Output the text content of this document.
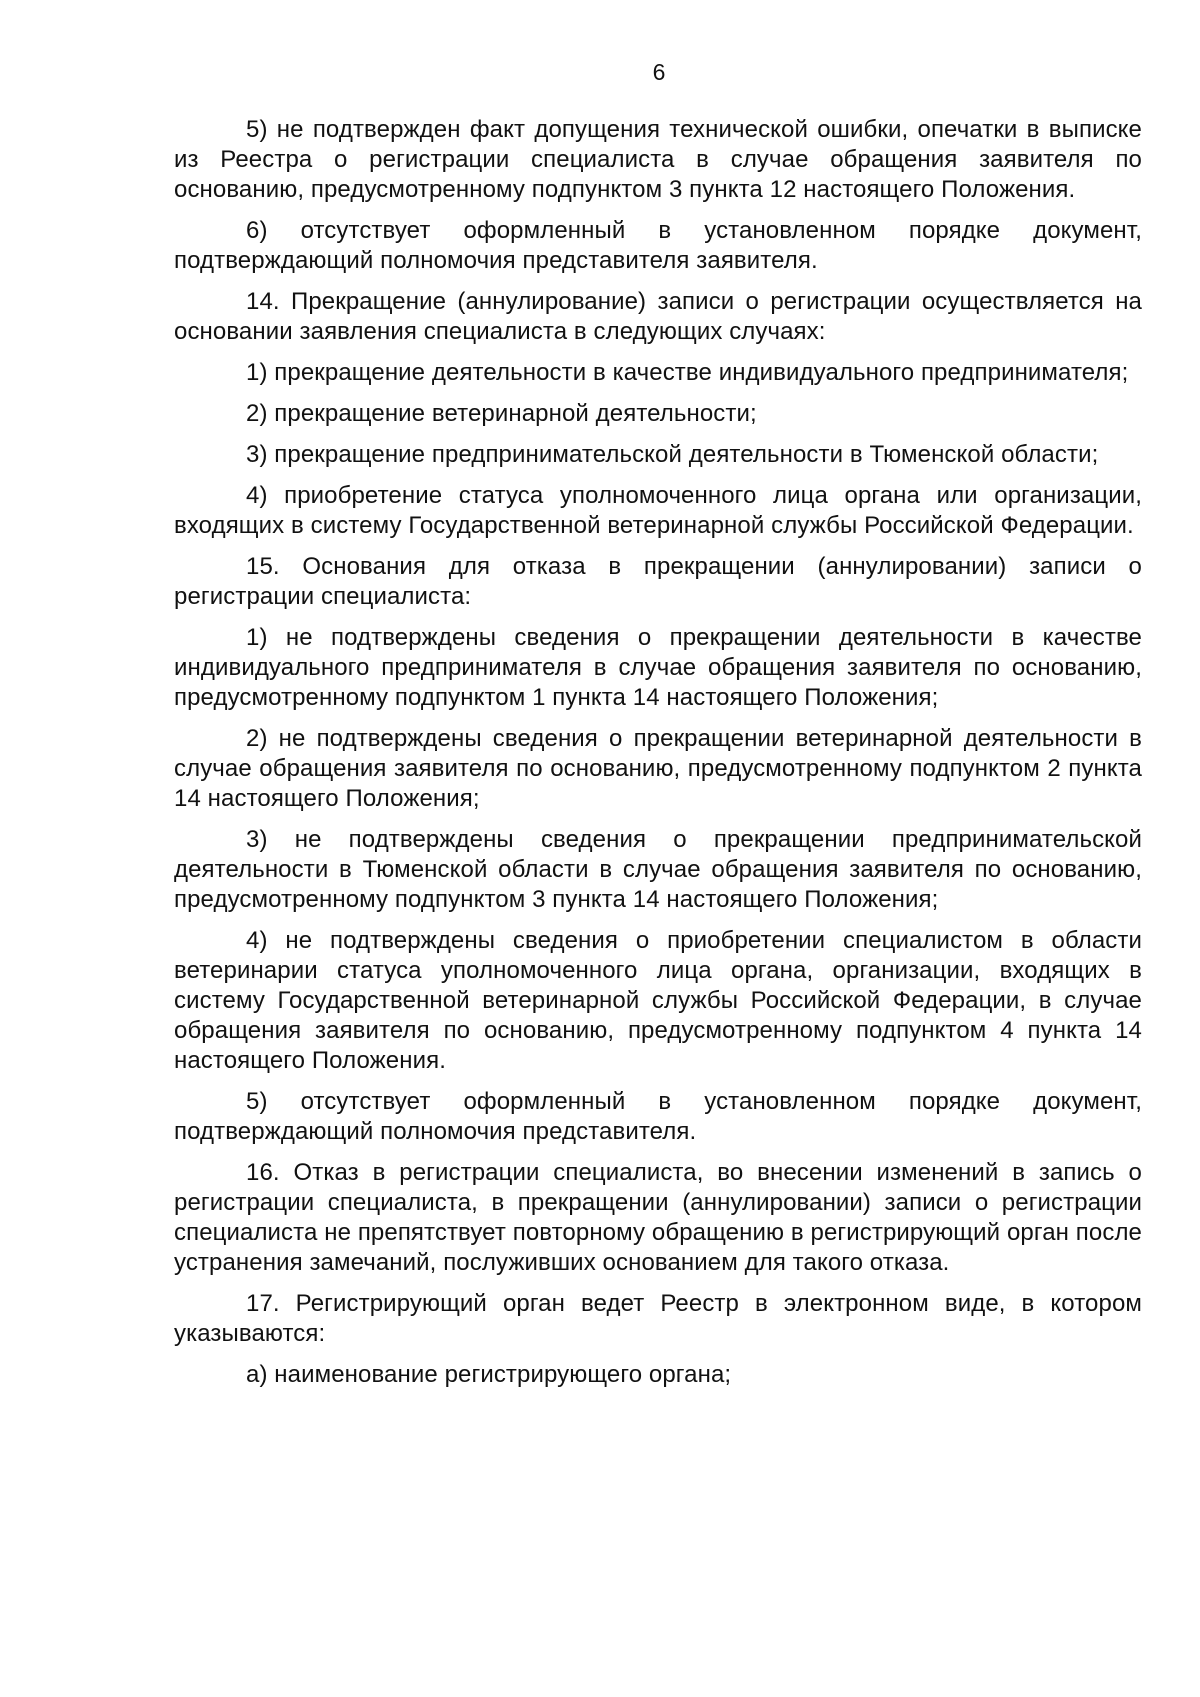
6

5) не подтвержден факт допущения технической ошибки, опечатки в выписке из Реестра о регистрации специалиста в случае обращения заявителя по основанию, предусмотренному подпунктом 3 пункта 12 настоящего Положения.

6) отсутствует оформленный в установленном порядке документ, подтверждающий полномочия представителя заявителя.

14. Прекращение (аннулирование) записи о регистрации осуществляется на основании заявления специалиста в следующих случаях:

1) прекращение деятельности в качестве индивидуального предпринимателя;

2) прекращение ветеринарной деятельности;

3) прекращение предпринимательской деятельности в Тюменской области;

4) приобретение статуса уполномоченного лица органа или организации, входящих в систему Государственной ветеринарной службы Российской Федерации.

15. Основания для отказа в прекращении (аннулировании) записи о регистрации специалиста:

1) не подтверждены сведения о прекращении деятельности в качестве индивидуального предпринимателя в случае обращения заявителя по основанию, предусмотренному подпунктом 1 пункта 14 настоящего Положения;

2) не подтверждены сведения о прекращении ветеринарной деятельности в случае обращения заявителя по основанию, предусмотренному подпунктом 2 пункта 14 настоящего Положения;

3) не подтверждены сведения о прекращении предпринимательской деятельности в Тюменской области в случае обращения заявителя по основанию, предусмотренному подпунктом 3 пункта 14 настоящего Положения;

4) не подтверждены сведения о приобретении специалистом в области ветеринарии статуса уполномоченного лица органа, организации, входящих в систему Государственной ветеринарной службы Российской Федерации, в случае обращения заявителя по основанию, предусмотренному подпунктом 4 пункта 14 настоящего Положения.

5) отсутствует оформленный в установленном порядке документ, подтверждающий полномочия представителя.

16. Отказ в регистрации специалиста, во внесении изменений в запись о регистрации специалиста, в прекращении (аннулировании) записи о регистрации специалиста не препятствует повторному обращению в регистрирующий орган после устранения замечаний, послуживших основанием для такого отказа.

17. Регистрирующий орган ведет Реестр в электронном виде, в котором указываются:

а) наименование регистрирующего органа;
